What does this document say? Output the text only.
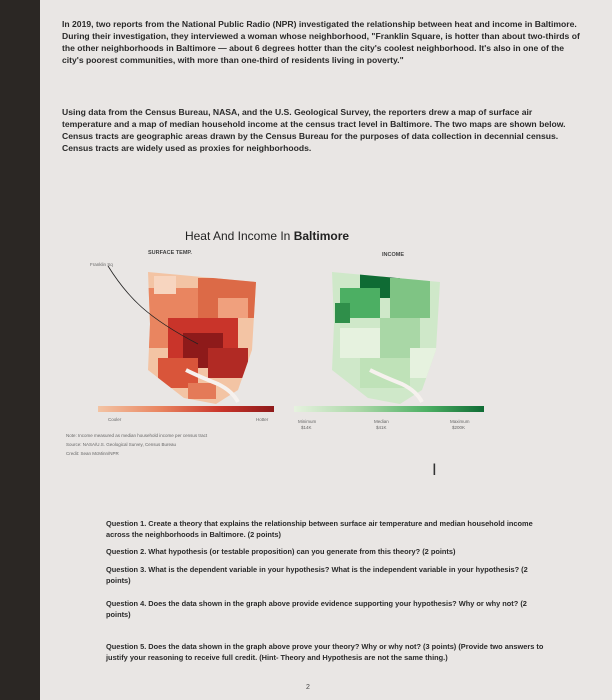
In 2019, two reports from the National Public Radio (NPR) investigated the relationship between heat and income in Baltimore. During their investigation, they interviewed a woman whose neighborhood, "Franklin Square, is hotter than about two-thirds of the other neighborhoods in Baltimore — about 6 degrees hotter than the city's coolest neighborhood. It's also in one of the city's poorest communities, with more than one-third of residents living in poverty."
Using data from the Census Bureau, NASA, and the U.S. Geological Survey, the reporters drew a map of surface air temperature and a map of median household income at the census tract level in Baltimore. The two maps are shown below. Census tracts are geographic areas drawn by the Census Bureau for the purposes of data collection in decennial census. Census tracts are widely used as proxies for neighborhoods.
Heat And Income In Baltimore
SURFACE TEMP.	INCOME
Franklin Sq
Cooler	Hotter	Minimum
$14K
Median
$41K
Maximum
$200K
Note: Income measured as median household income per census tract
Source: NASA/U.S. Geological Survey, Census Bureau
Credit: Sean McMinn/NPR
I
Question 1. Create a theory that explains the relationship between surface air temperature and median household income across the neighborhoods in Baltimore. (2 points)
Question 2. What hypothesis (or testable proposition) can you generate from this theory? (2 points)
Question 3. What is the dependent variable in your hypothesis? What is the independent variable in your hypothesis? (2 points)
Question 4. Does the data shown in the graph above provide evidence supporting your hypothesis? Why or why not? (2 points)
Question 5. Does the data shown in the graph above prove your theory? Why or why not? (3 points) (Provide two answers to justify your reasoning to receive full credit. (Hint- Theory and Hypothesis are not the same thing.)
2
